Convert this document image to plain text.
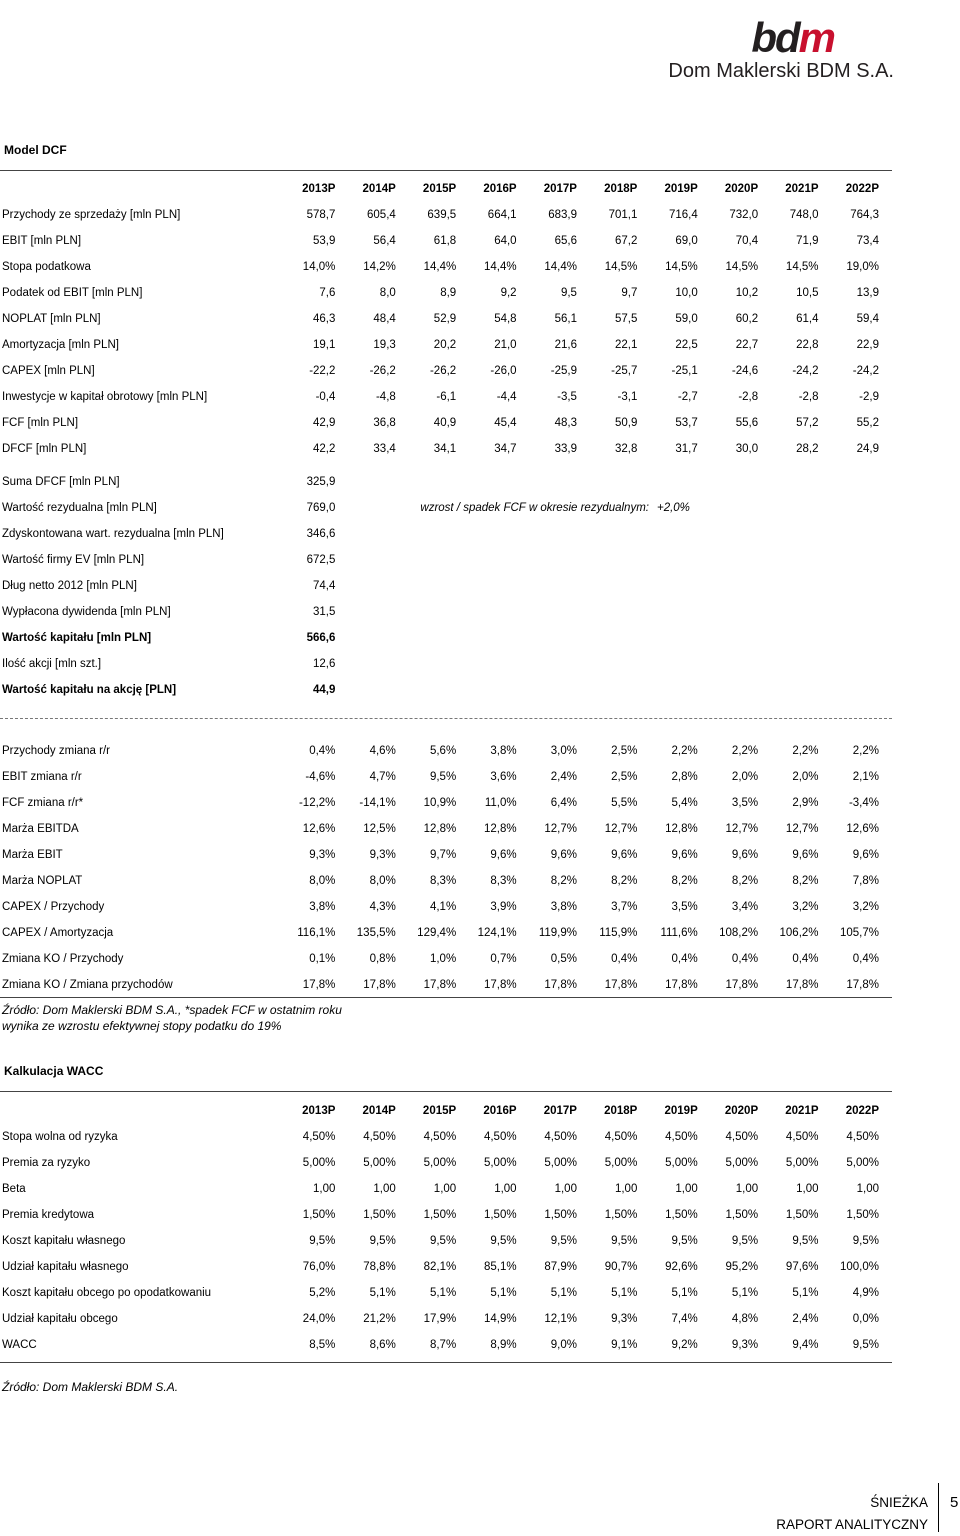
bdm
Dom Maklerski BDM S.A.
Model DCF
	2013P	2014P	2015P	2016P	2017P	2018P	2019P	2020P	2021P	2022P
Przychody ze sprzedaży [mln PLN]	578,7	605,4	639,5	664,1	683,9	701,1	716,4	732,0	748,0	764,3
EBIT [mln PLN]	53,9	56,4	61,8	64,0	65,6	67,2	69,0	70,4	71,9	73,4
Stopa podatkowa	14,0%	14,2%	14,4%	14,4%	14,4%	14,5%	14,5%	14,5%	14,5%	19,0%
Podatek od EBIT [mln PLN]	7,6	8,0	8,9	9,2	9,5	9,7	10,0	10,2	10,5	13,9
NOPLAT [mln PLN]	46,3	48,4	52,9	54,8	56,1	57,5	59,0	60,2	61,4	59,4
Amortyzacja [mln PLN]	19,1	19,3	20,2	21,0	21,6	22,1	22,5	22,7	22,8	22,9
CAPEX [mln PLN]	-22,2	-26,2	-26,2	-26,0	-25,9	-25,7	-25,1	-24,6	-24,2	-24,2
Inwestycje w kapitał obrotowy [mln PLN]	-0,4	-4,8	-6,1	-4,4	-3,5	-3,1	-2,7	-2,8	-2,8	-2,9
FCF [mln PLN]	42,9	36,8	40,9	45,4	48,3	50,9	53,7	55,6	57,2	55,2
DFCF [mln PLN]	42,2	33,4	34,1	34,7	33,9	32,8	31,7	30,0	28,2	24,9
Suma DFCF [mln PLN]	325,9	
Wartość rezydualna [mln PLN]	769,0	wzrost / spadek FCF w okresie rezydualnym: +2,0%
Zdyskontowana wart. rezydualna [mln PLN]	346,6	
Wartość firmy EV [mln PLN]	672,5	
Dług netto 2012 [mln PLN]	74,4	
Wypłacona dywidenda [mln PLN]	31,5	
Wartość kapitału [mln PLN]	566,6	
Ilość akcji [mln szt.]	12,6	
Wartość kapitału na akcję [PLN]	44,9	
Przychody zmiana r/r	0,4%	4,6%	5,6%	3,8%	3,0%	2,5%	2,2%	2,2%	2,2%	2,2%
EBIT zmiana r/r	-4,6%	4,7%	9,5%	3,6%	2,4%	2,5%	2,8%	2,0%	2,0%	2,1%
FCF zmiana r/r*	-12,2%	-14,1%	10,9%	11,0%	6,4%	5,5%	5,4%	3,5%	2,9%	-3,4%
Marża EBITDA	12,6%	12,5%	12,8%	12,8%	12,7%	12,7%	12,8%	12,7%	12,7%	12,6%
Marża EBIT	9,3%	9,3%	9,7%	9,6%	9,6%	9,6%	9,6%	9,6%	9,6%	9,6%
Marża NOPLAT	8,0%	8,0%	8,3%	8,3%	8,2%	8,2%	8,2%	8,2%	8,2%	7,8%
CAPEX / Przychody	3,8%	4,3%	4,1%	3,9%	3,8%	3,7%	3,5%	3,4%	3,2%	3,2%
CAPEX / Amortyzacja	116,1%	135,5%	129,4%	124,1%	119,9%	115,9%	111,6%	108,2%	106,2%	105,7%
Zmiana KO / Przychody	0,1%	0,8%	1,0%	0,7%	0,5%	0,4%	0,4%	0,4%	0,4%	0,4%
Zmiana KO / Zmiana przychodów	17,8%	17,8%	17,8%	17,8%	17,8%	17,8%	17,8%	17,8%	17,8%	17,8%
Źródło: Dom Maklerski BDM S.A., *spadek FCF w ostatnim roku
wynika ze wzrostu efektywnej stopy podatku do 19%
Kalkulacja WACC
	2013P	2014P	2015P	2016P	2017P	2018P	2019P	2020P	2021P	2022P
Stopa wolna od ryzyka	4,50%	4,50%	4,50%	4,50%	4,50%	4,50%	4,50%	4,50%	4,50%	4,50%
Premia za ryzyko	5,00%	5,00%	5,00%	5,00%	5,00%	5,00%	5,00%	5,00%	5,00%	5,00%
Beta	1,00	1,00	1,00	1,00	1,00	1,00	1,00	1,00	1,00	1,00
Premia kredytowa	1,50%	1,50%	1,50%	1,50%	1,50%	1,50%	1,50%	1,50%	1,50%	1,50%
Koszt kapitału własnego	9,5%	9,5%	9,5%	9,5%	9,5%	9,5%	9,5%	9,5%	9,5%	9,5%
Udział kapitału własnego	76,0%	78,8%	82,1%	85,1%	87,9%	90,7%	92,6%	95,2%	97,6%	100,0%
Koszt kapitału obcego po opodatkowaniu	5,2%	5,1%	5,1%	5,1%	5,1%	5,1%	5,1%	5,1%	5,1%	4,9%
Udział kapitału obcego	24,0%	21,2%	17,9%	14,9%	12,1%	9,3%	7,4%	4,8%	2,4%	0,0%
WACC	8,5%	8,6%	8,7%	8,9%	9,0%	9,1%	9,2%	9,3%	9,4%	9,5%
Źródło: Dom Maklerski BDM S.A.
ŚNIEŻKA
RAPORT ANALITYCZNY
5
